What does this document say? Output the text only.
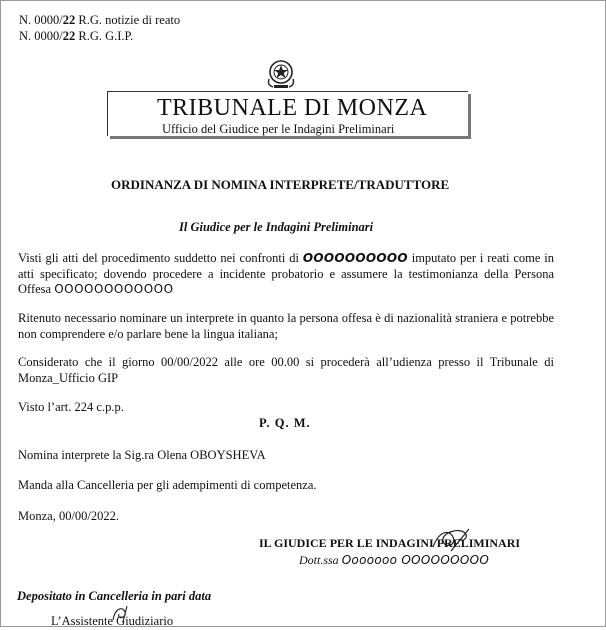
N. 0000/22 R.G. notizie di reato
N. 0000/22 R.G. G.I.P.
TRIBUNALE DI MONZA
Ufficio del Giudice per le Indagini Preliminari
ORDINANZA DI NOMINA INTERPRETE/TRADUTTORE
Il Giudice per le Indagini Preliminari
Visti gli atti del procedimento suddetto nei confronti di OOOOOOOOOO imputato per i reati come in atti specificato; dovendo procedere a incidente probatorio e assumere la testimonianza della Persona Offesa OOOOOOOOOOOO
Ritenuto necessario nominare un interprete in quanto la persona offesa è di nazionalità straniera e potrebbe non comprendere e/o parlare bene la lingua italiana;
Considerato che il giorno 00/00/2022 alle ore 00.00 si procederà all’udienza presso il Tribunale di Monza_Ufficio GIP
Visto l’art. 224 c.p.p.
P. Q. M.
Nomina interprete la Sig.ra Olena OBOYSHEVA
Manda alla Cancelleria per gli adempimenti di competenza.
Monza, 00/00/2022.
IL GIUDICE PER LE INDAGINI PRELIMINARI
Dott.ssa Ooooooo OOOOOOOOO
Depositato in Cancelleria in pari data
L’Assistente Giudiziario
